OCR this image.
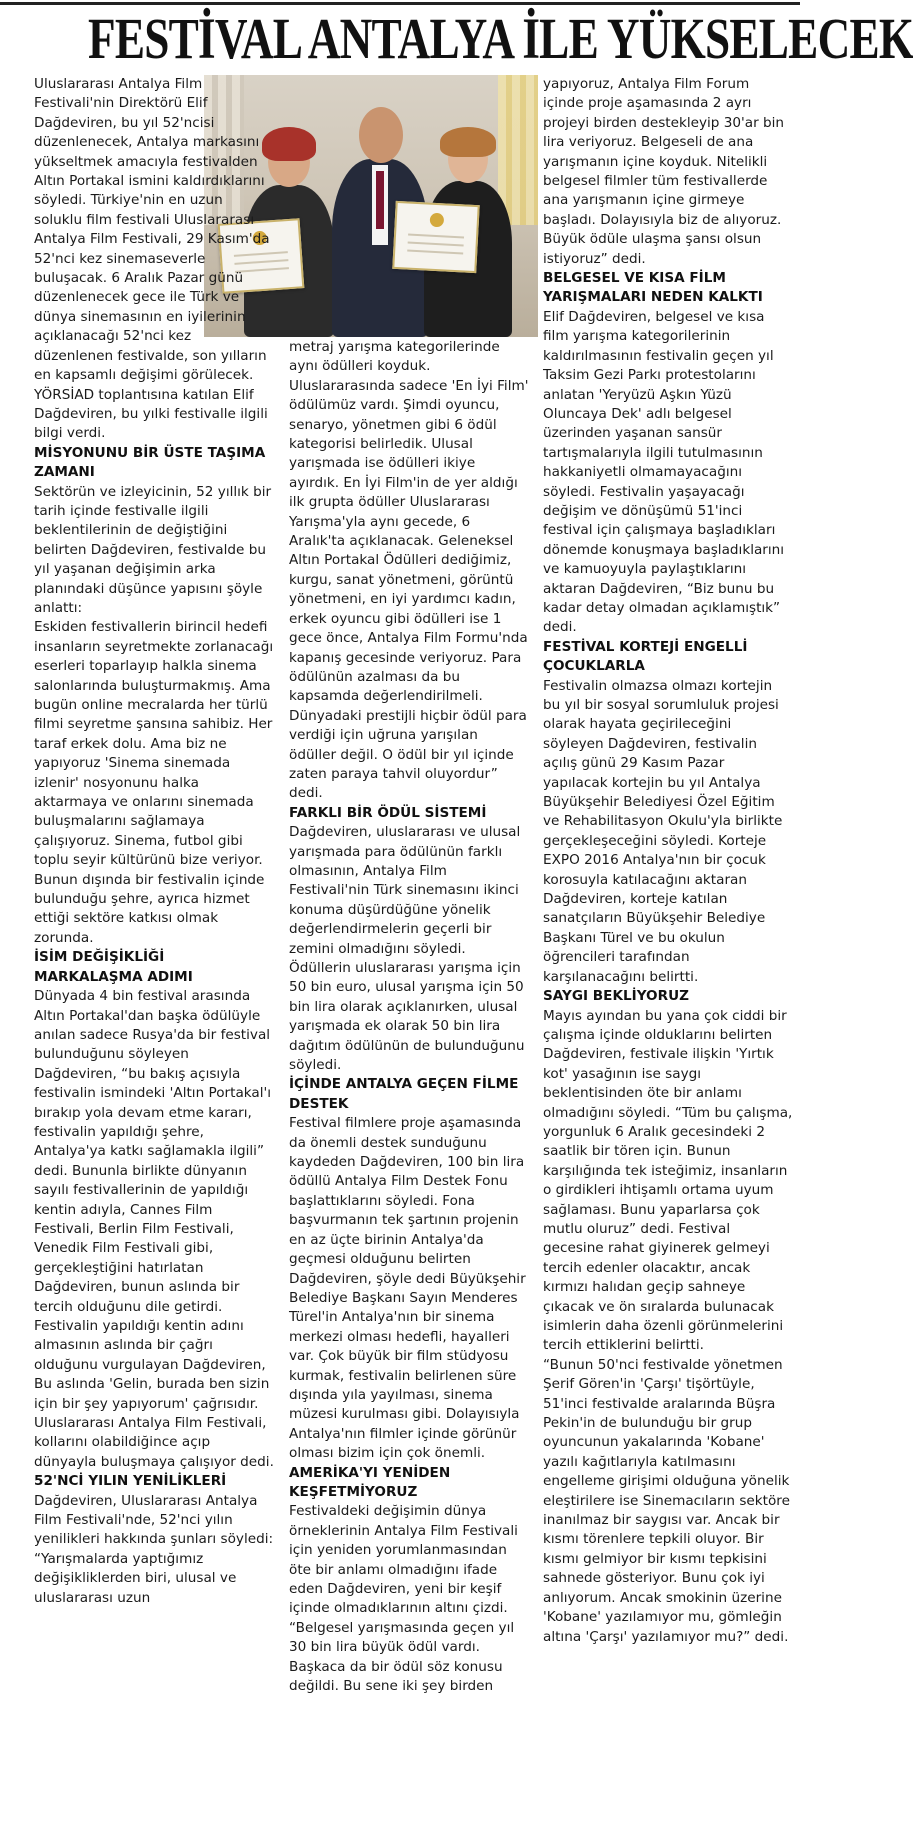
FESTİVAL ANTALYA İLE YÜKSELECEK

Uluslararası Antalya Film Festivali'nin Direktörü Elif Dağdeviren, bu yıl 52'ncisi düzenlenecek, Antalya markasını yükseltmek amacıyla festivalden Altın Portakal ismini kaldırdıklarını söyledi. Türkiye'nin en uzun soluklu film festivali Uluslararası Antalya Film Festivali, 29 Kasım'da 52'nci kez sinemaseverle buluşacak. 6 Aralık Pazar günü düzenlenecek gece ile Türk ve dünya sinemasının en iyilerinin açıklanacağı 52'nci kez düzenlenen festivalde, son yılların en kapsamlı değişimi görülecek.

YÖRSİAD toplantısına katılan Elif Dağdeviren, bu yılki festivalle ilgili bilgi verdi.

MİSYONUNU BİR ÜSTE TAŞIMA ZAMANI

Sektörün ve izleyicinin, 52 yıllık bir tarih içinde festivalle ilgili beklentilerinin de değiştiğini belirten Dağdeviren, festivalde bu yıl yaşanan değişimin arka planındaki düşünce yapısını şöyle anlattı:

Eskiden festivallerin birincil hedefi insanların seyretmekte zorlanacağı eserleri toparlayıp halkla sinema salonlarında buluşturmakmış. Ama bugün online mecralarda her türlü filmi seyretme şansına sahibiz. Her taraf erkek dolu. Ama biz ne yapıyoruz 'Sinema sinemada izlenir' nosyonunu halka aktarmaya ve onlarını sinemada buluşmalarını sağlamaya çalışıyoruz. Sinema, futbol gibi toplu seyir kültürünü bize veriyor. Bunun dışında bir festivalin içinde bulunduğu şehre, ayrıca hizmet ettiği sektöre katkısı olmak zorunda.

İSİM DEĞİŞİKLİĞİ MARKALAŞMA ADIMI

Dünyada 4 bin festival arasında Altın Portakal'dan başka ödülüyle anılan sadece Rusya'da bir festival bulunduğunu söyleyen Dağdeviren, “bu bakış açısıyla festivalin ismindeki 'Altın Portakal'ı bırakıp yola devam etme kararı, festivalin yapıldığı şehre, Antalya'ya katkı sağlamakla ilgili” dedi. Bununla birlikte dünyanın sayılı festivallerinin de yapıldığı kentin adıyla, Cannes Film Festivali, Berlin Film Festivali, Venedik Film Festivali gibi, gerçekleştiğini hatırlatan Dağdeviren, bunun aslında bir tercih olduğunu dile getirdi. Festivalin yapıldığı kentin adını almasının aslında bir çağrı olduğunu vurgulayan Dağdeviren, Bu aslında 'Gelin, burada ben sizin için bir şey yapıyorum' çağrısıdır. Uluslararası Antalya Film Festivali, kollarını olabildiğince açıp dünyayla buluşmaya çalışıyor dedi.

52'NCİ YILIN YENİLİKLERİ

Dağdeviren, Uluslararası Antalya Film Festivali'nde, 52'nci yılın yenilikleri hakkında şunları söyledi: “Yarışmalarda yaptığımız değişikliklerden biri, ulusal ve uluslararası uzun

metraj yarışma kategorilerinde aynı ödülleri koyduk. Uluslararasında sadece 'En İyi Film' ödülümüz vardı. Şimdi oyuncu, senaryo, yönetmen gibi 6 ödül kategorisi belirledik. Ulusal yarışmada ise ödülleri ikiye ayırdık. En İyi Film'in de yer aldığı ilk grupta ödüller Uluslararası Yarışma'yla aynı gecede, 6 Aralık'ta açıklanacak. Geleneksel Altın Portakal Ödülleri dediğimiz, kurgu, sanat yönetmeni, görüntü yönetmeni, en iyi yardımcı kadın, erkek oyuncu gibi ödülleri ise 1 gece önce, Antalya Film Formu'nda kapanış gecesinde veriyoruz. Para ödülünün azalması da bu kapsamda değerlendirilmeli. Dünyadaki prestijli hiçbir ödül para verdiği için uğruna yarışılan ödüller değil. O ödül bir yıl içinde zaten paraya tahvil oluyordur” dedi.

FARKLI BİR ÖDÜL SİSTEMİ

Dağdeviren, uluslararası ve ulusal yarışmada para ödülünün farklı olmasının, Antalya Film Festivali'nin Türk sinemasını ikinci konuma düşürdüğüne yönelik değerlendirmelerin geçerli bir zemini olmadığını söyledi. Ödüllerin uluslararası yarışma için 50 bin euro, ulusal yarışma için 50 bin lira olarak açıklanırken, ulusal yarışmada ek olarak 50 bin lira dağıtım ödülünün de bulunduğunu söyledi.

İÇİNDE ANTALYA GEÇEN FİLME DESTEK

Festival filmlere proje aşamasında da önemli destek sunduğunu kaydeden Dağdeviren, 100 bin lira ödüllü Antalya Film Destek Fonu başlattıklarını söyledi. Fona başvurmanın tek şartının projenin en az üçte birinin Antalya'da geçmesi olduğunu belirten Dağdeviren, şöyle dedi Büyükşehir Belediye Başkanı Sayın Menderes Türel'in Antalya'nın bir sinema merkezi olması hedefli, hayalleri var. Çok büyük bir film stüdyosu kurmak, festivalin belirlenen süre dışında yıla yayılması, sinema müzesi kurulması gibi. Dolayısıyla Antalya'nın filmler içinde görünür olması bizim için çok önemli.

AMERİKA'YI YENİDEN KEŞFETMİYORUZ

Festivaldeki değişimin dünya örneklerinin Antalya Film Festivali için yeniden yorumlanmasından öte bir anlamı olmadığını ifade eden Dağdeviren, yeni bir keşif içinde olmadıklarının altını çizdi. “Belgesel yarışmasında geçen yıl 30 bin lira büyük ödül vardı. Başkaca da bir ödül söz konusu değildi. Bu sene iki şey birden

yapıyoruz, Antalya Film Forum içinde proje aşamasında 2 ayrı projeyi birden destekleyip 30'ar bin lira veriyoruz. Belgeseli de ana yarışmanın içine koyduk. Nitelikli belgesel filmler tüm festivallerde ana yarışmanın içine girmeye başladı. Dolayısıyla biz de alıyoruz. Büyük ödüle ulaşma şansı olsun istiyoruz” dedi.

BELGESEL VE KISA FİLM YARIŞMALARI NEDEN KALKTI

Elif Dağdeviren, belgesel ve kısa film yarışma kategorilerinin kaldırılmasının festivalin geçen yıl Taksim Gezi Parkı protestolarını anlatan 'Yeryüzü Aşkın Yüzü Oluncaya Dek' adlı belgesel üzerinden yaşanan sansür tartışmalarıyla ilgili tutulmasının hakkaniyetli olmamayacağını söyledi. Festivalin yaşayacağı değişim ve dönüşümü 51'inci festival için çalışmaya başladıkları dönemde konuşmaya başladıklarını ve kamuoyuyla paylaştıklarını aktaran Dağdeviren, “Biz bunu bu kadar detay olmadan açıklamıştık” dedi.

FESTİVAL KORTEJİ ENGELLİ ÇOCUKLARLA

Festivalin olmazsa olmazı kortejin bu yıl bir sosyal sorumluluk projesi olarak hayata geçirileceğini söyleyen Dağdeviren, festivalin açılış günü 29 Kasım Pazar yapılacak kortejin bu yıl Antalya Büyükşehir Belediyesi Özel Eğitim ve Rehabilitasyon Okulu'yla birlikte gerçekleşeceğini söyledi. Korteje EXPO 2016 Antalya'nın bir çocuk korosuyla katılacağını aktaran Dağdeviren, korteje katılan sanatçıların Büyükşehir Belediye Başkanı Türel ve bu okulun öğrencileri tarafından karşılanacağını belirtti.

SAYGI BEKLİYORUZ

Mayıs ayından bu yana çok ciddi bir çalışma içinde olduklarını belirten Dağdeviren, festivale ilişkin 'Yırtık kot' yasağının ise saygı beklentisinden öte bir anlamı olmadığını söyledi. “Tüm bu çalışma, yorgunluk 6 Aralık gecesindeki 2 saatlik bir tören için. Bunun karşılığında tek isteğimiz, insanların o girdikleri ihtişamlı ortama uyum sağlaması. Bunu yaparlarsa çok mutlu oluruz” dedi. Festival gecesine rahat giyinerek gelmeyi tercih edenler olacaktır, ancak kırmızı halıdan geçip sahneye çıkacak ve ön sıralarda bulunacak isimlerin daha özenli görünmelerini tercih ettiklerini belirtti.

“Bunun 50'nci festivalde yönetmen Şerif Gören'in 'Çarşı' tişörtüyle, 51'inci festivalde aralarında Büşra Pekin'in de bulunduğu bir grup oyuncunun yakalarında 'Kobane' yazılı kağıtlarıyla katılmasını engelleme girişimi olduğuna yönelik eleştirilere ise Sinemacıların sektöre inanılmaz bir saygısı var. Ancak bir kısmı törenlere tepkili oluyor. Bir kısmı gelmiyor bir kısmı tepkisini sahnede gösteriyor. Bunu çok iyi anlıyorum. Ancak smokinin üzerine 'Kobane' yazılamıyor mu, gömleğin altına 'Çarşı' yazılamıyor mu?” dedi.
